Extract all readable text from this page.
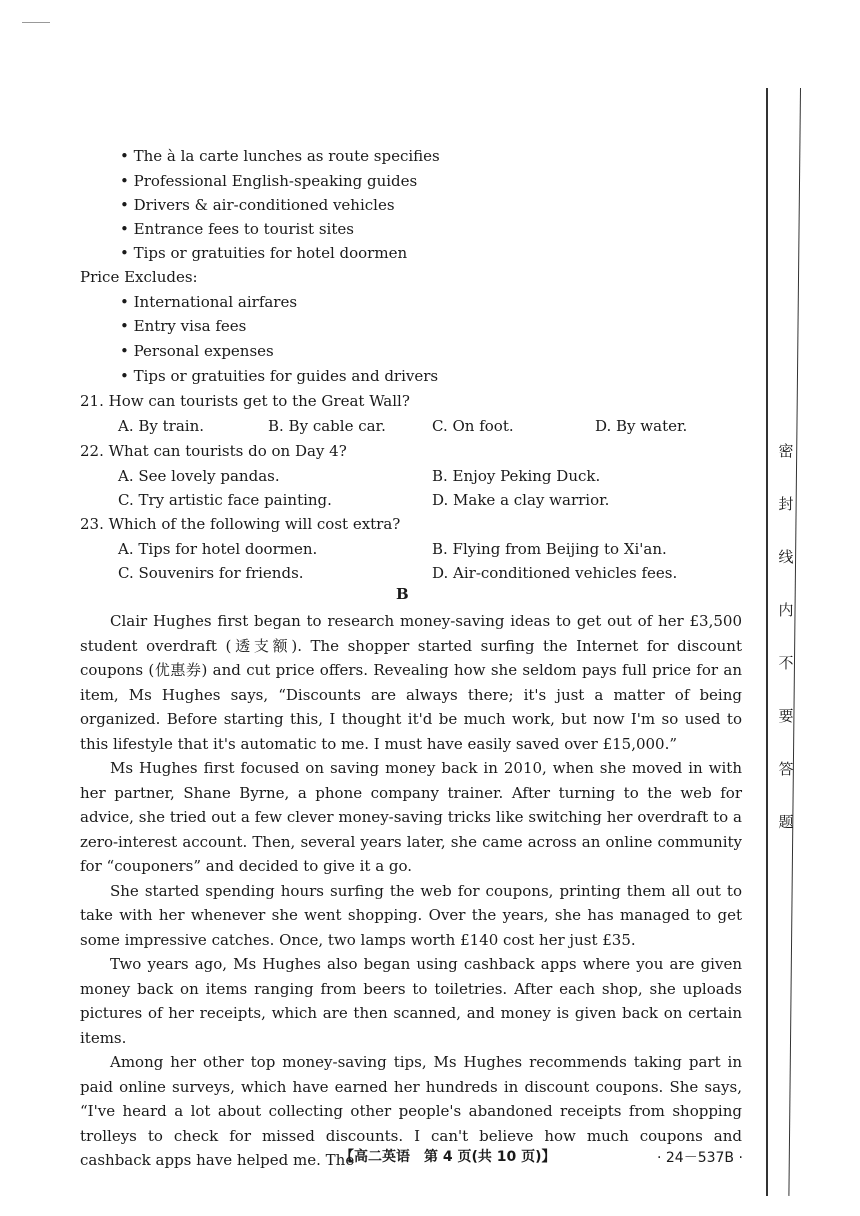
• The à la carte lunches as route specifies
• Professional English-speaking guides
• Drivers & air-conditioned vehicles
• Entrance fees to tourist sites
• Tips or gratuities for hotel doormen
Price Excludes:
• International airfares
• Entry visa fees
• Personal expenses
• Tips or gratuities for guides and drivers
21. How can tourists get to the Great Wall?
A. By train.	B. By cable car.	C. On foot.	D. By water.
22. What can tourists do on Day 4?
A. See lovely pandas.	B. Enjoy Peking Duck.
C. Try artistic face painting.	D. Make a clay warrior.
23. Which of the following will cost extra?
A. Tips for hotel doormen.	B. Flying from Beijing to Xi'an.
C. Souvenirs for friends.	D. Air-conditioned vehicles fees.
B

Clair Hughes first began to research money-saving ideas to get out of her £3,500 student overdraft (透支额). The shopper started surfing the Internet for discount coupons (优惠券) and cut price offers. Revealing how she seldom pays full price for an item, Ms Hughes says, “Discounts are always there; it's just a matter of being organized. Before starting this, I thought it'd be much work, but now I'm so used to this lifestyle that it's automatic to me. I must have easily saved over £15,000.”

Ms Hughes first focused on saving money back in 2010, when she moved in with her partner, Shane Byrne, a phone company trainer. After turning to the web for advice, she tried out a few clever money-saving tricks like switching her overdraft to a zero-interest account. Then, several years later, she came across an online community for “couponers” and decided to give it a go.

She started spending hours surfing the web for coupons, printing them all out to take with her whenever she went shopping. Over the years, she has managed to get some impressive catches. Once, two lamps worth £140 cost her just £35.

Two years ago, Ms Hughes also began using cashback apps where you are given money back on items ranging from beers to toiletries. After each shop, she uploads pictures of her receipts, which are then scanned, and money is given back on certain items.

Among her other top money-saving tips, Ms Hughes recommends taking part in paid online surveys, which have earned her hundreds in discount coupons. She says, “I've heard a lot about collecting other people's abandoned receipts from shopping trolleys to check for missed discounts. I can't believe how much coupons and cashback apps have helped me. The

密
封
线
内
不
要
答
题
【高二英语　第 4 页(共 10 页)】	· 24－537B ·
